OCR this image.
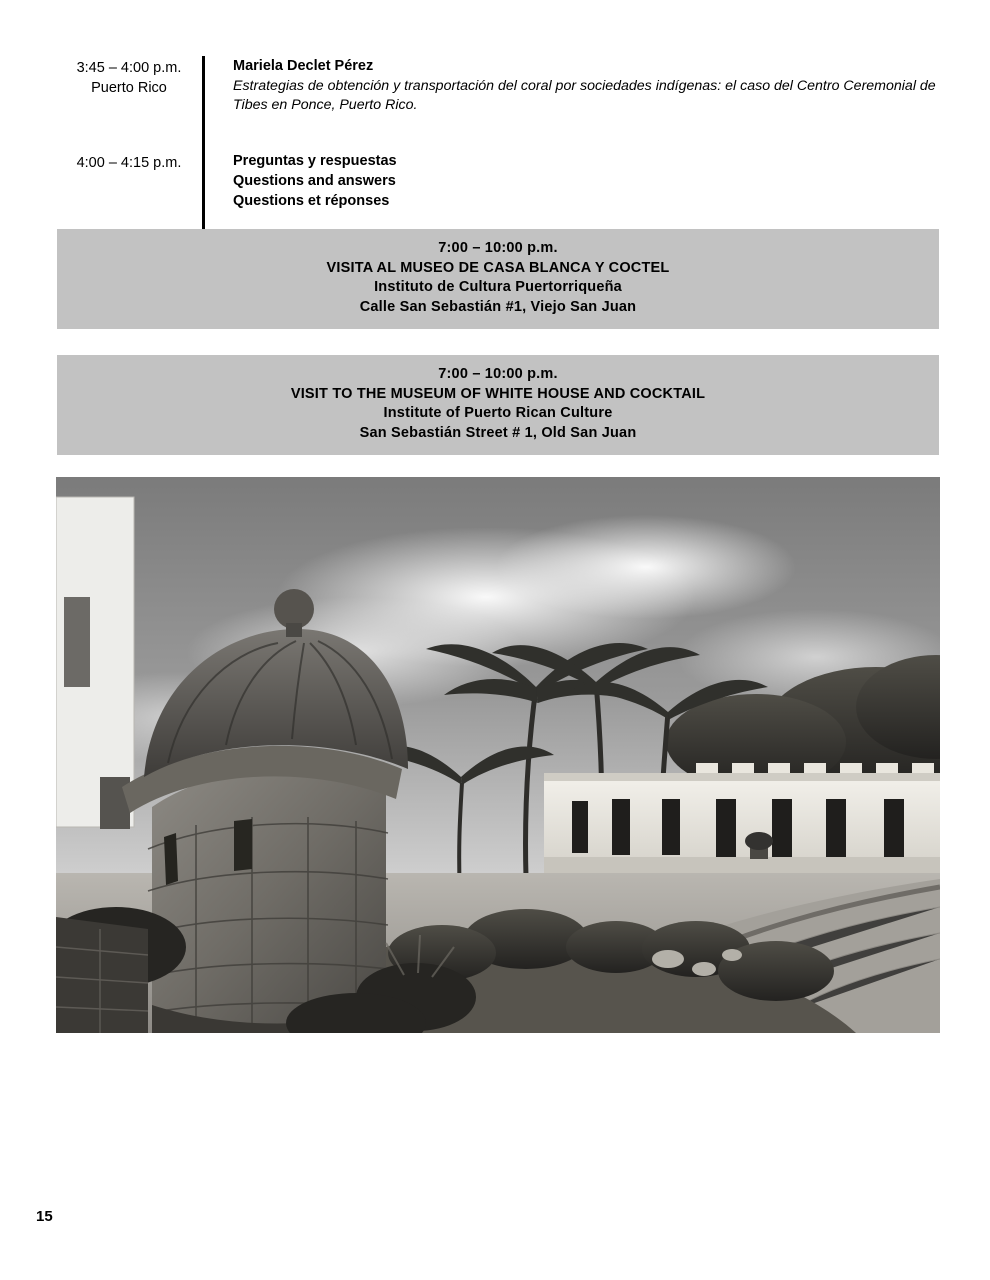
3:45 – 4:00 p.m.
Puerto Rico
Mariela Declet Pérez
Estrategias de obtención y transportación del coral por sociedades indígenas: el caso del Centro Ceremonial de Tibes en Ponce, Puerto Rico.
4:00 – 4:15 p.m.	Preguntas y respuestas
Questions and answers
Questions et réponses
7:00 – 10:00 p.m.
VISITA AL MUSEO DE CASA BLANCA Y COCTEL
Instituto de Cultura Puertorriqueña
Calle San Sebastián #1, Viejo San Juan
7:00 – 10:00 p.m.
VISIT TO THE MUSEUM OF WHITE HOUSE AND COCKTAIL
Institute of Puerto Rican Culture
San Sebastián Street # 1, Old San Juan
15
